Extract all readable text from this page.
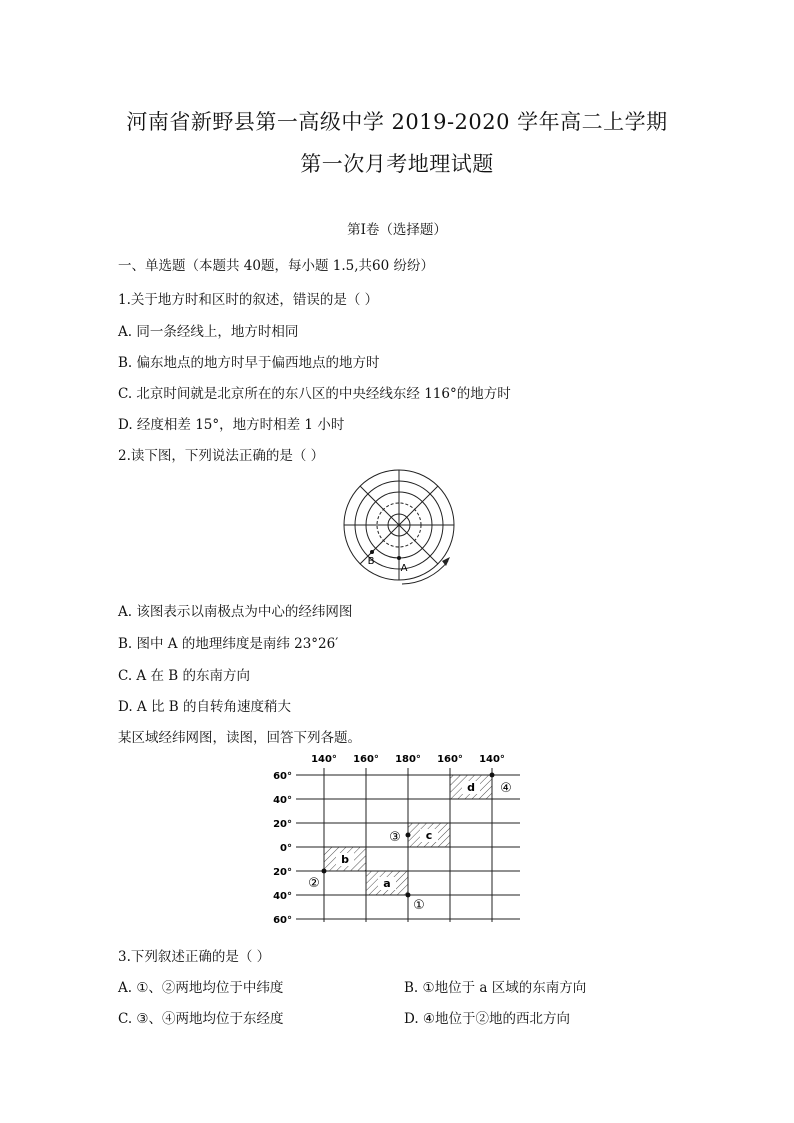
河南省新野县第一高级中学 2019-2020 学年高二上学期
第一次月考地理试题
第Ⅰ卷（选择题）
一、单选题（本题共 40题，每小题 1.5,共60 纷纷）
1.关于地方时和区时的叙述，错误的是（ ）
A. 同一条经线上，地方时相同
B. 偏东地点的地方时早于偏西地点的地方时
C. 北京时间就是北京所在的东八区的中央经线东经 116°的地方时
D. 经度相差 15°，地方时相差 1 小时
2.读下图，下列说法正确的是（ ）
B
A
A. 该图表示以南极点为中心的经纬网图
B. 图中 A 的地理纬度是南纬 23°26′
C. A 在 B 的东南方向
D. A 比 B 的自转角速度稍大
某区域经纬网图，读图，回答下列各题。
140° 160° 180° 160° 140°
60°
40°
20°
0°
20°
40°
60°
d
c
b
a
④
③
②
①
3.下列叙述正确的是（ ）
A. ①、②两地均位于中纬度	B. ①地位于 a 区域的东南方向
C. ③、④两地均位于东经度	D. ④地位于②地的西北方向
